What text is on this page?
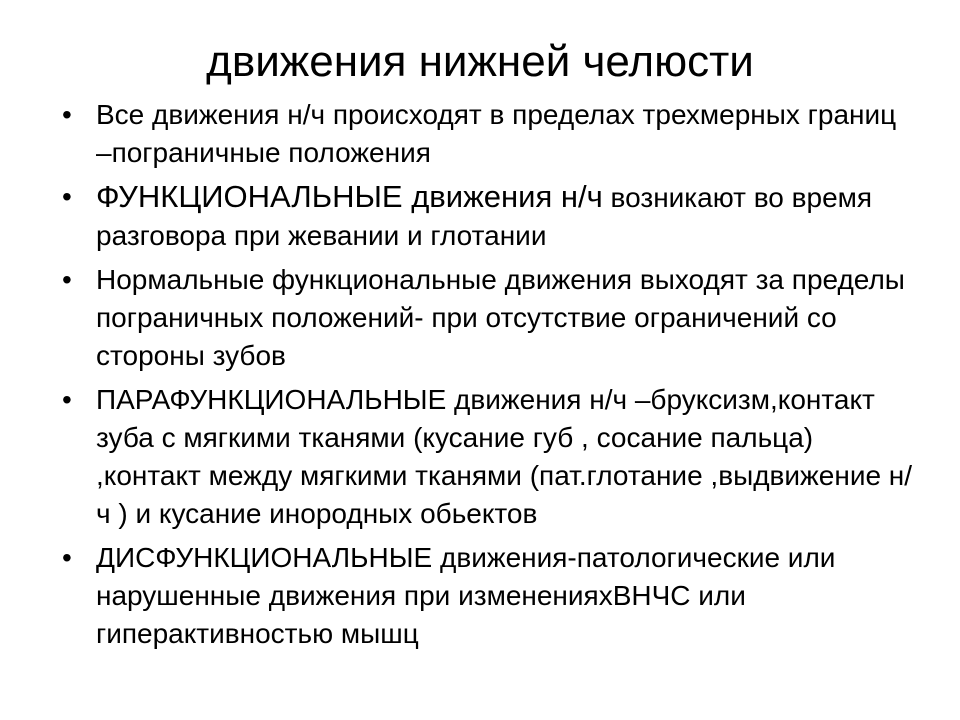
движения нижней челюсти
• Все движения н/ч происходят в пределах трехмерных границ –пограничные положения
• ФУНКЦИОНАЛЬНЫЕ движения н/ч возникают во время разговора при жевании и глотании
• Нормальные функциональные движения выходят за пределы пограничных положений- при отсутствие ограничений со стороны зубов
• ПАРАФУНКЦИОНАЛЬНЫЕ движения н/ч –бруксизм,контакт зуба с мягкими тканями (кусание губ , сосание пальца) ,контакт между мягкими тканями (пат.глотание ,выдвижение н/ч ) и кусание инородных обьектов
• ДИСФУНКЦИОНАЛЬНЫЕ движения-патологические или нарушенные движения при измененияхВНЧС или гиперактивностью мышц
